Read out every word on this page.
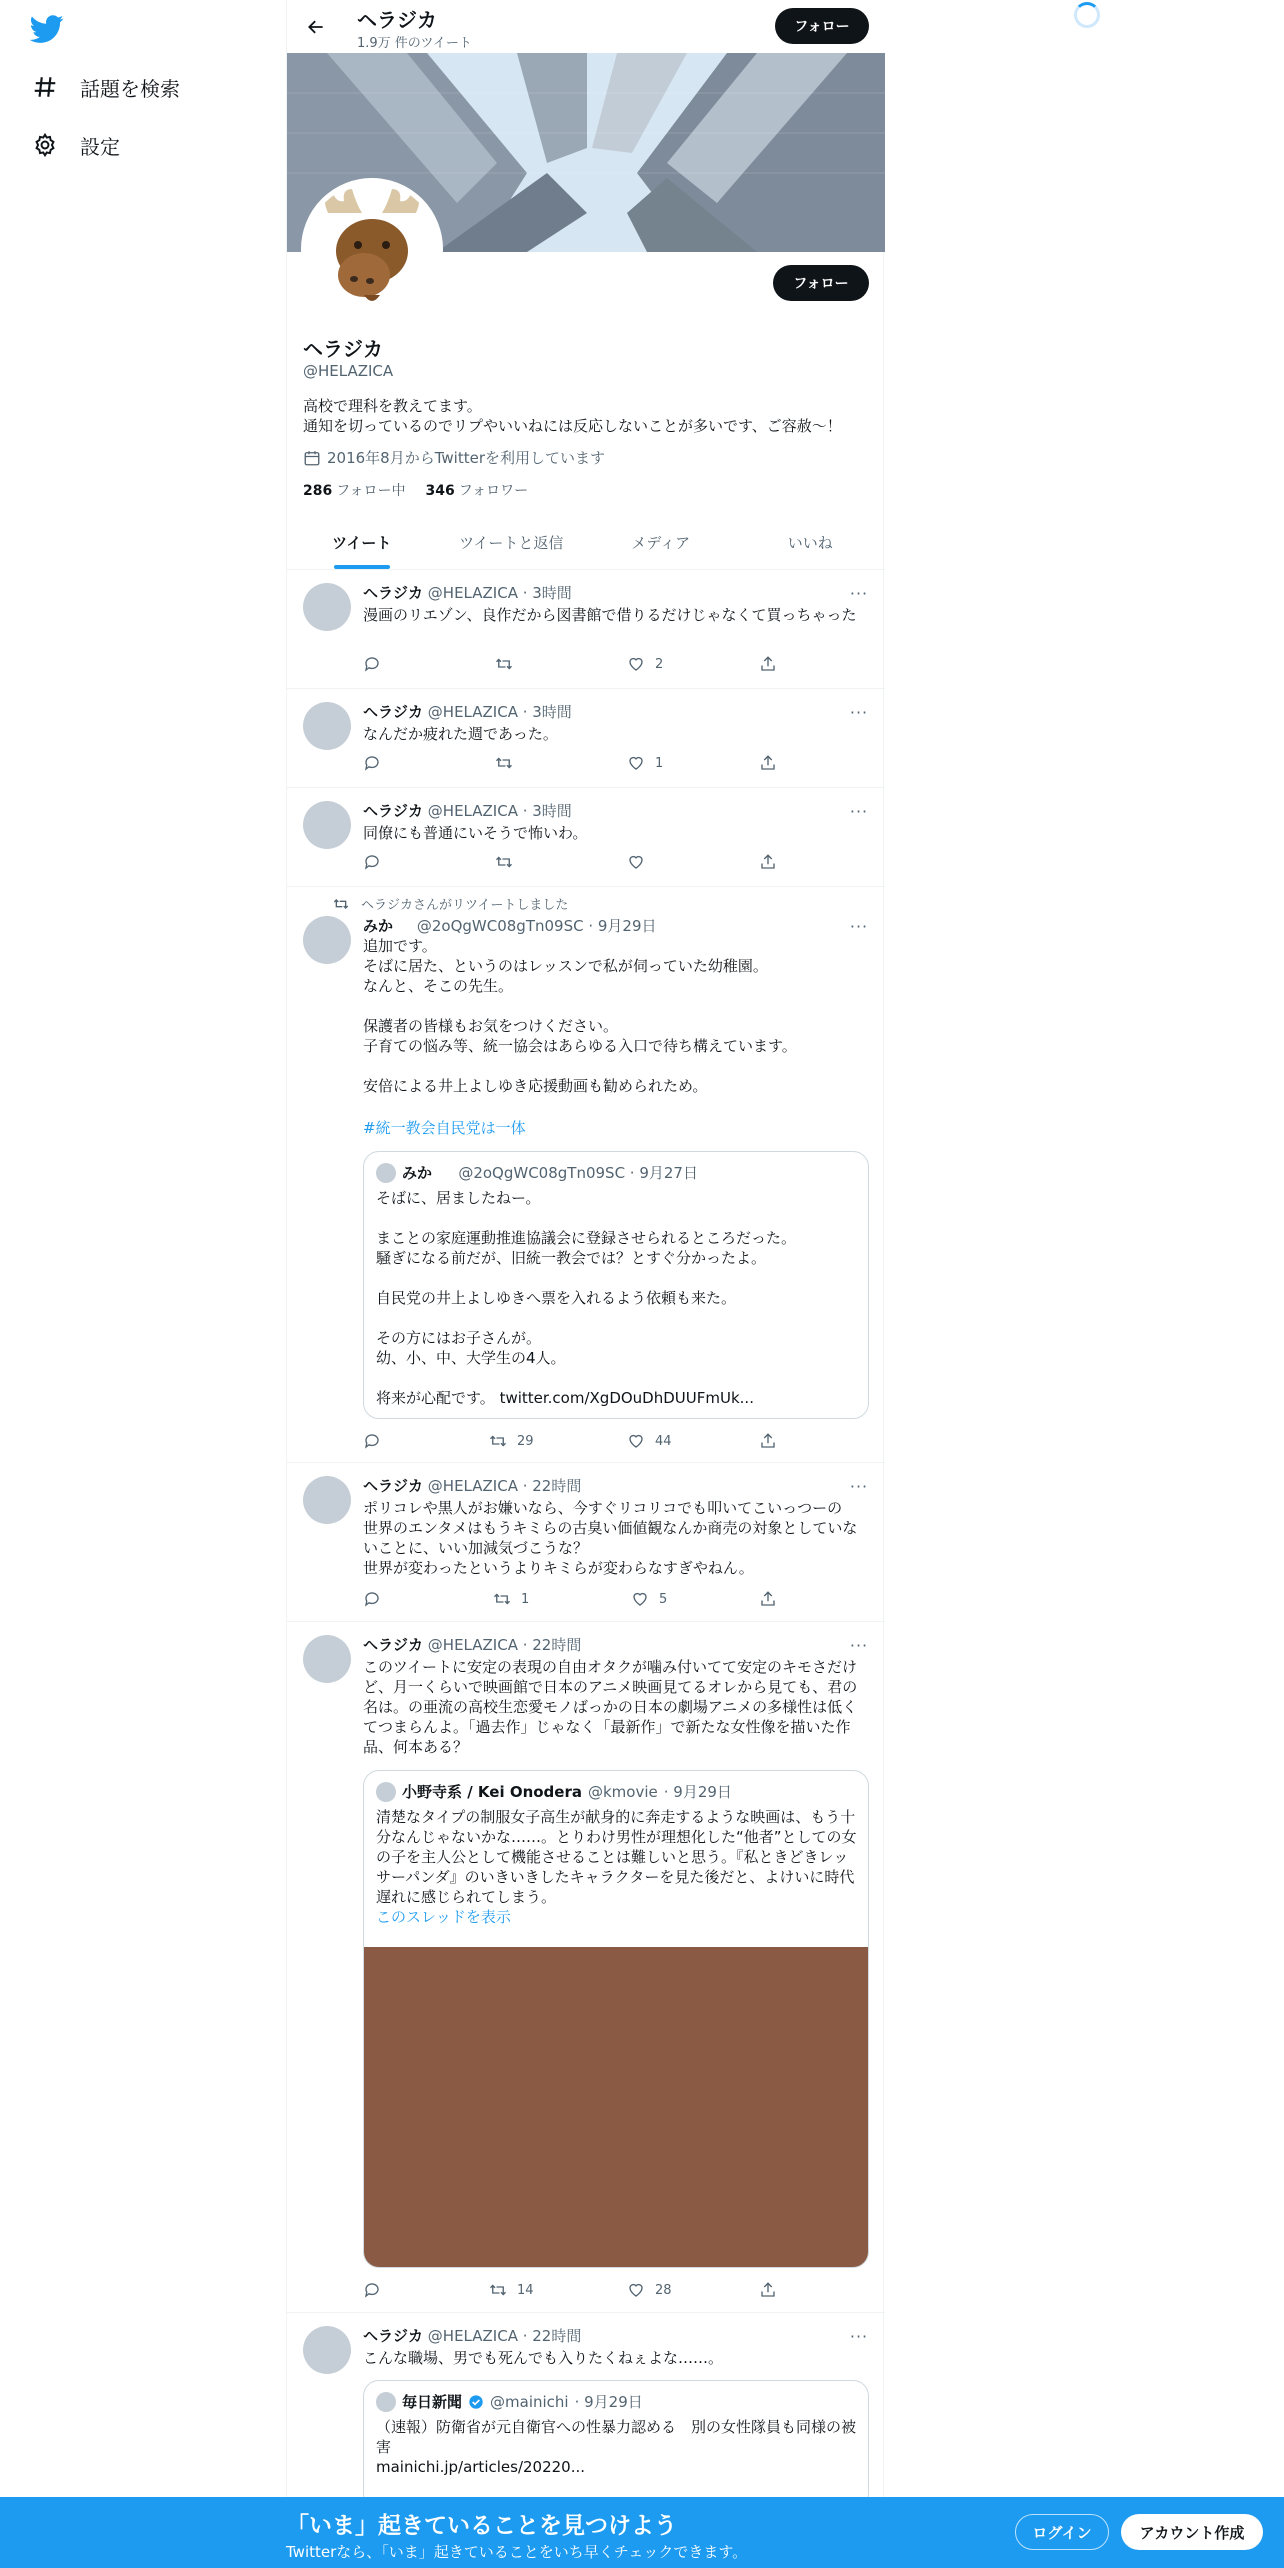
話題を検索
設定
ヘラジカ
1.9万 件のツイート
フォロー
フォロー
ヘラジカ
@HELAZICA
高校で理科を教えてます。
通知を切っているのでリプやいいねには反応しないことが多いです、ご容赦～！
2016年8月からTwitterを利用しています
286 フォロー中 346 フォロワー
ツイート	ツイートと返信	メディア	いいね
ヘラジカ @HELAZICA · 3時間	···
漫画のリエゾン、良作だから図書館で借りるだけじゃなくて買っちゃった
2
ヘラジカ @HELAZICA · 3時間	···
なんだか疲れた週であった。
1
ヘラジカ @HELAZICA · 3時間	···
同僚にも普通にいそうで怖いわ。
ヘラジカさんがリツイートしました
みか @2oQgWC08gTn09SC · 9月29日	···
追加です。
そばに居た、というのはレッスンで私が伺っていた幼稚園。
なんと、そこの先生。

保護者の皆様もお気をつけください。
子育ての悩み等、統一協会はあらゆる入口で待ち構えています。

安倍による井上よしゆき応援動画も勧められため。
#統一教会自民党は一体
みか
@2oQgWC08gTn09SC · 9月27日
そばに、居ましたねー。

まことの家庭運動推進協議会に登録させられるところだった。
騒ぎになる前だが、旧統一教会では？とすぐ分かったよ。

自民党の井上よしゆきへ票を入れるよう依頼も来た。

その方にはお子さんが。
幼、小、中、大学生の4人。

将来が心配です。 twitter.com/XgDOuDhDUUFmUk...
29	44
ヘラジカ @HELAZICA · 22時間	···
ポリコレや黒人がお嫌いなら、今すぐリコリコでも叩いてこいっつーの
世界のエンタメはもうキミらの古臭い価値観なんか商売の対象としていないことに、いい加減気づこうな？
世界が変わったというよりキミらが変わらなすぎやねん。
1	5
ヘラジカ @HELAZICA · 22時間	···
このツイートに安定の表現の自由オタクが噛み付いてて安定のキモさだけど、月一くらいで映画館で日本のアニメ映画見てるオレから見ても、君の名は。の亜流の高校生恋愛モノばっかの日本の劇場アニメの多様性は低くてつまらんよ。「過去作」じゃなく「最新作」で新たな女性像を描いた作品、何本ある？
小野寺系 / Kei Onodera @kmovie · 9月29日
清楚なタイプの制服女子高生が献身的に奔走するような映画は、もう十分なんじゃないかな……。とりわけ男性が理想化した“他者”としての女の子を主人公として機能させることは難しいと思う。『私ときどきレッサーパンダ』のいきいきしたキャラクターを見た後だと、よけいに時代遅れに感じられてしまう。
このスレッドを表示
14	28
ヘラジカ @HELAZICA · 22時間	···
こんな職場、男でも死んでも入りたくねぇよな……。
毎日新聞 @mainichi · 9月29日
（速報）防衛省が元自衛官への性暴力認める　別の女性隊員も同様の被害
mainichi.jp/articles/20220...
「いま」起きていることを見つけよう
Twitterなら、「いま」起きていることをいち早くチェックできます。
ログイン	アカウント作成
